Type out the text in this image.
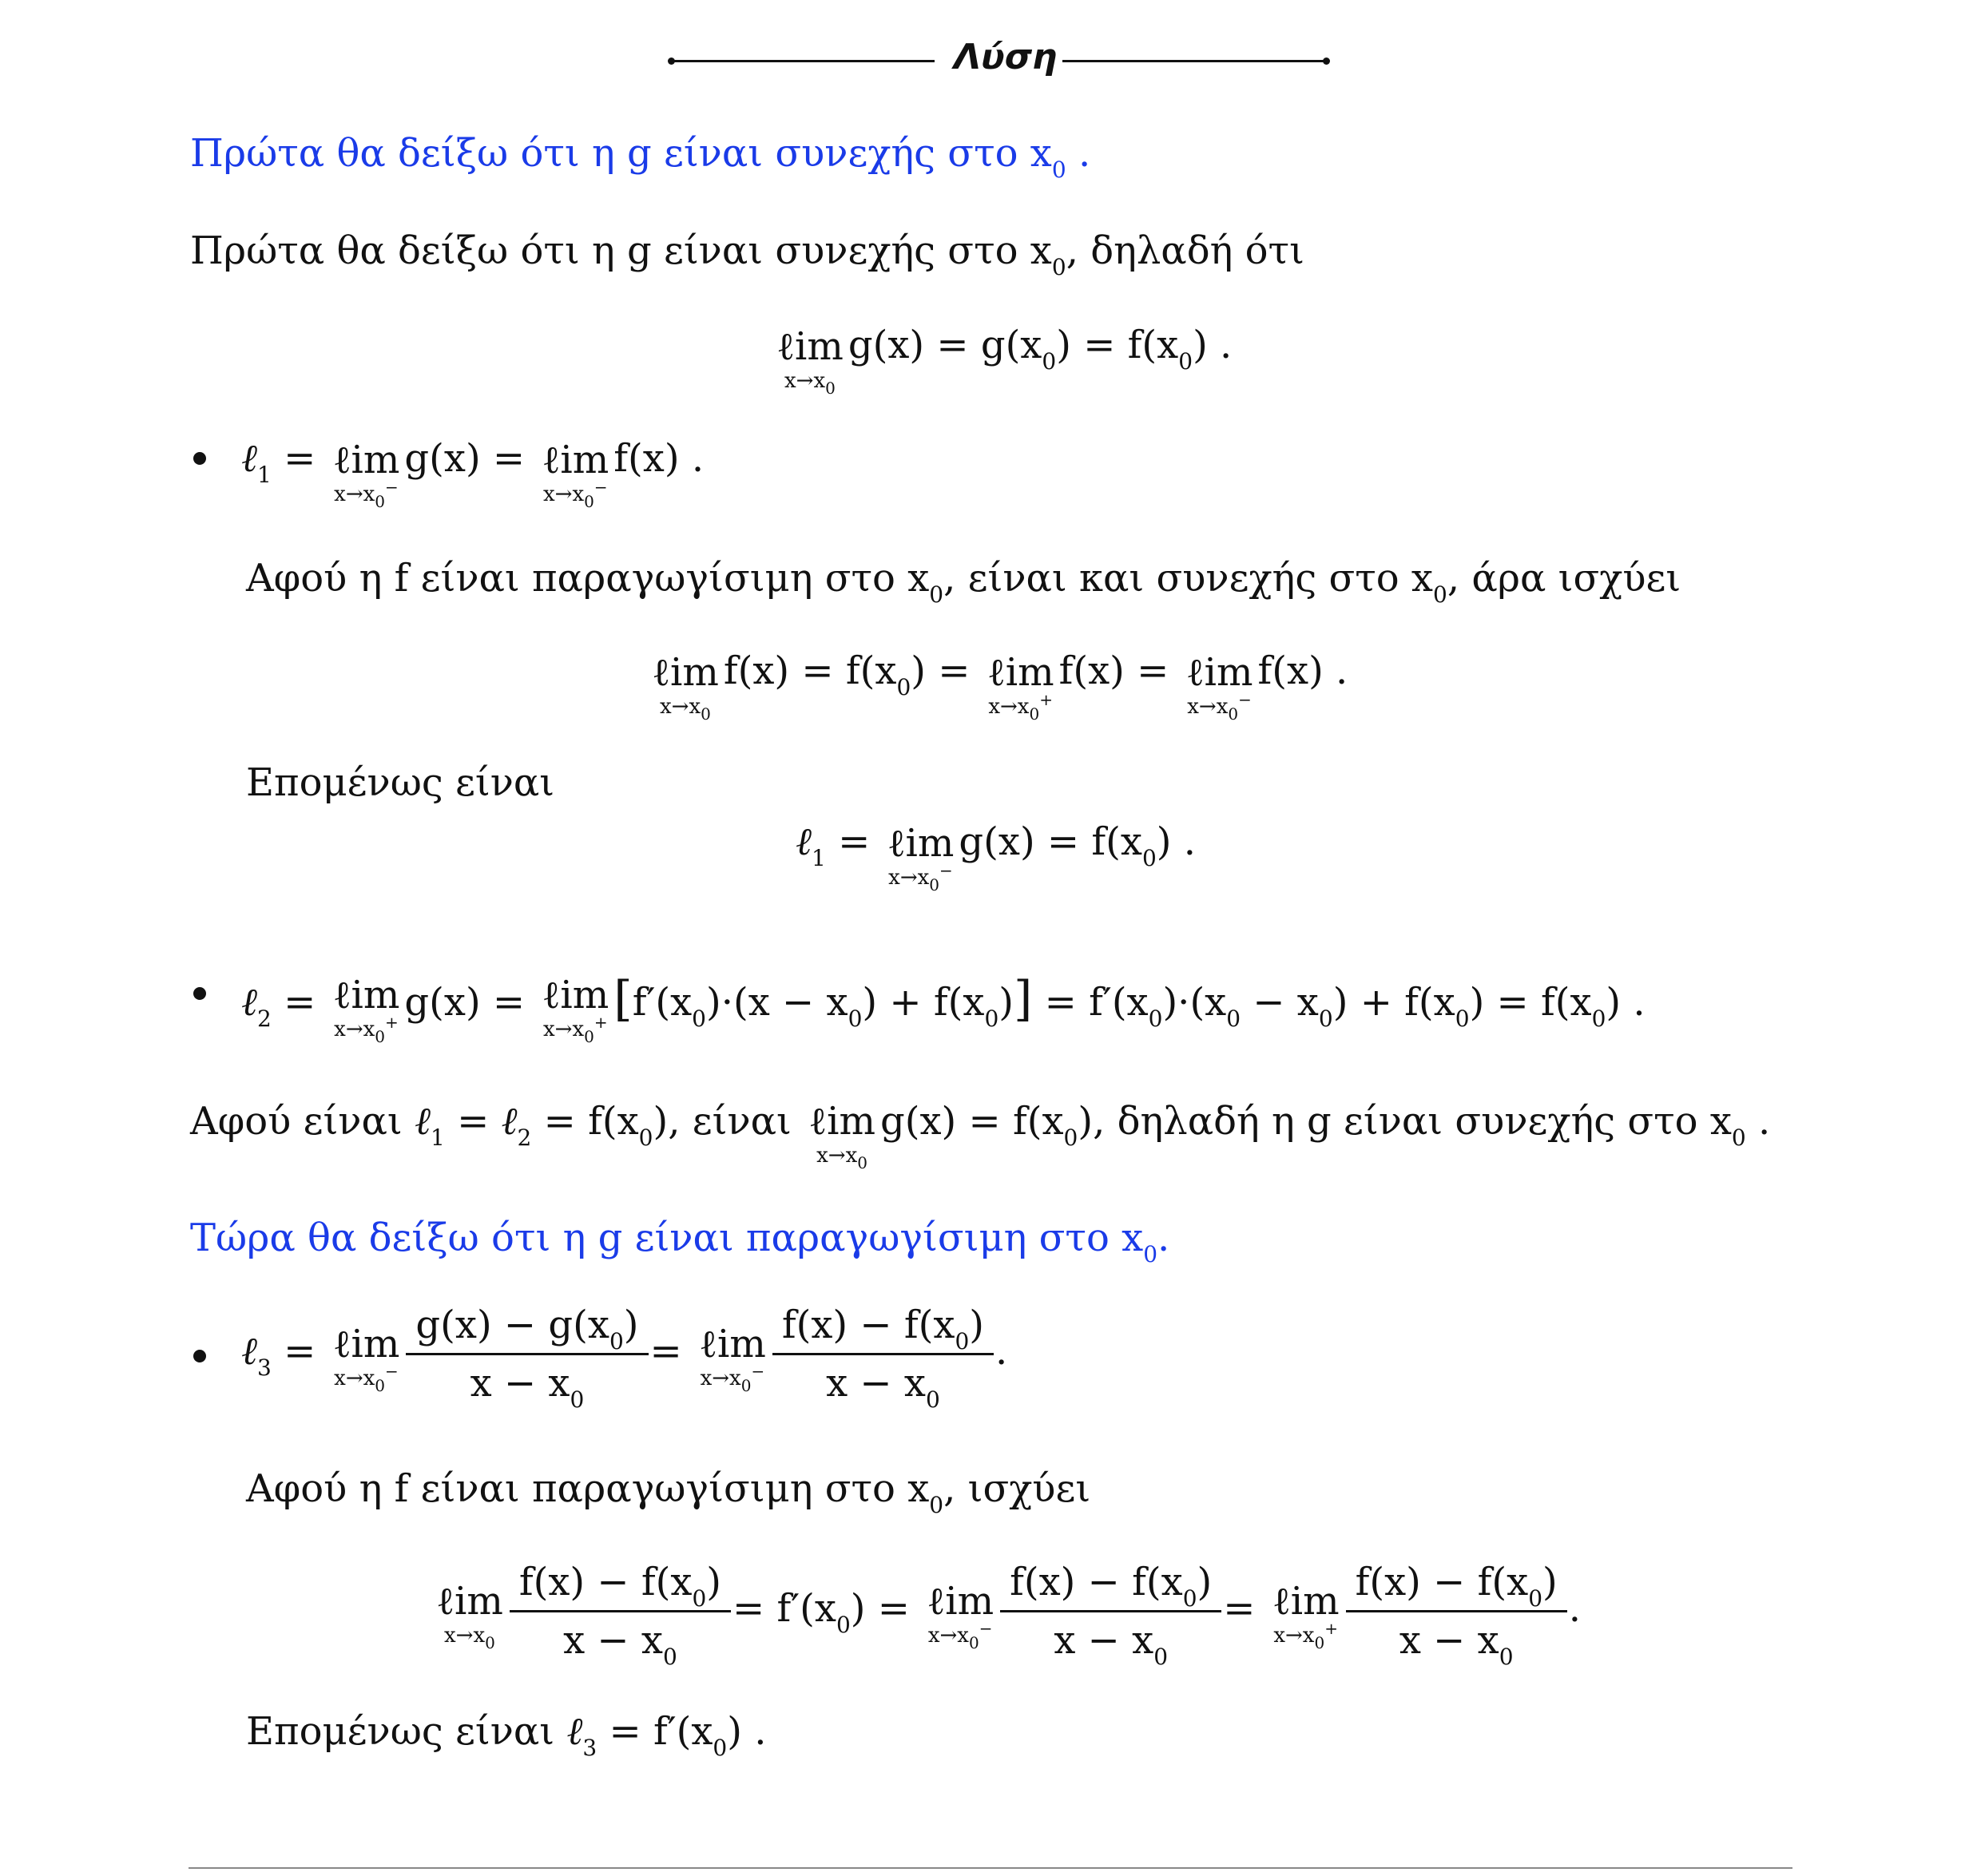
Λύση
Πρώτα θα δείξω ότι η g είναι συνεχής στο $x_0$ .
Πρώτα θα δείξω ότι η g είναι συνεχής στο $x_0$, δηλαδή ότι
ℓim
$x\to x_0$
$g(x) = g(x_0) = f(x_0)$ .
ℓ$_1$ = ℓim
$x\to x_0^-$
g(x) = ℓim
$x\to x_0^-$
f(x) .
Αφού η f είναι παραγωγίσιμη στο $x_0$, είναι και συνεχής στο $x_0$, άρα ισχύει
ℓim
$x\to x_0$
$f(x) = f(x_0)$ = ℓim
$x\to x_0^+$
f(x) = ℓim
$x\to x_0^-$
f(x) .
Επομένως είναι
ℓ$_1$ = ℓim
$x\to x_0^-$
$g(x) = f(x_0)$ .
ℓ$_2$ = ℓim
$x\to x_0^+$ g(x) = ℓim
$x\to x_0^+$ $[f'(x_0)\cdot(x - x_0) + f(x_0)] = f'(x_0)\cdot(x_0 - x_0) + f(x_0) = f(x_0)$ .
Αφού είναι ℓ$_1$ = ℓ$_2$ = $f(x_0)$, είναι ℓim
$x\to x_0$
$g(x) = f(x_0)$, δηλαδή η g είναι συνεχής στο $x_0$ .
Τώρα θα δείξω ότι η g είναι παραγωγίσιμη στο $x_0$.
ℓ$_3$ = ℓim
$x\to x_0^- \frac{g(x) - g(x_0)}{x - x_0}$ = ℓim
$x\to x_0^- \frac{f(x) - f(x_0)}{x - x_0}$ .
Αφού η f είναι παραγωγίσιμη στο $x_0$, ισχύει
ℓim
$x\to x_0 \frac{f(x) - f(x_0)}{x - x_0} = f'(x_0)$ = ℓim
$x\to x_0^- \frac{f(x) - f(x_0)}{x - x_0}$ = ℓim
$x\to x_0^+ \frac{f(x) - f(x_0)}{x - x_0}$ .
Επομένως είναι ℓ$_3$ = $f'(x_0)$ .
